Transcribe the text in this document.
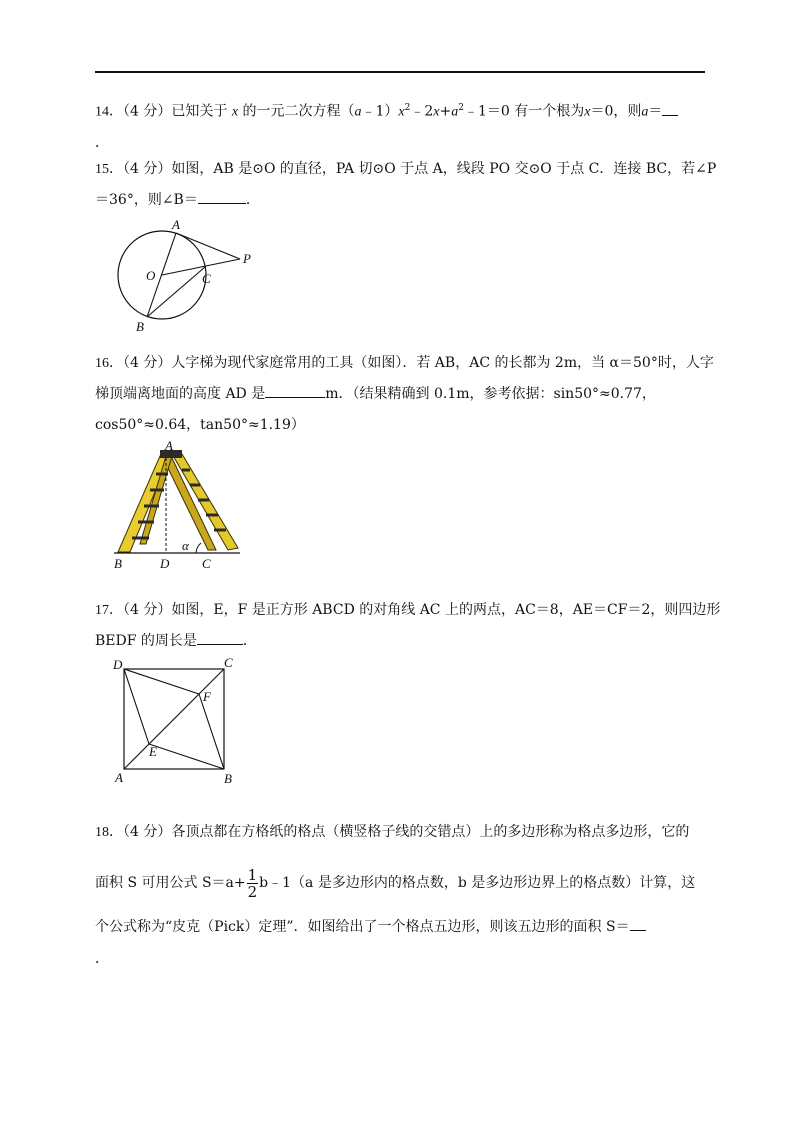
14．（4 分）已知关于 x 的一元二次方程$(a﹣1)x^2﹣2x+a^2﹣1=0$ 有一个根为x＝0，则a＝
．
15．（4 分）如图，AB 是⊙O 的直径，PA 切⊙O 于点 A，线段 PO 交⊙O 于点 C．连接 BC，若∠P
＝36°，则∠B＝	．
A
O	C
P
B
16．（4 分）人字梯为现代家庭常用的工具（如图）．若 AB，AC 的长都为 2m，当 α＝50°时，人字
梯顶端离地面的高度 AD 是	m．（结果精确到 0.1m，参考依据：sin50°≈0.77，
cos50°≈0.64，tan50°≈1.19）
A
B	D	C
α
17．（4 分）如图，E，F 是正方形 ABCD 的对角线 AC 上的两点，AC＝8，AE＝CF＝2，则四边形
BEDF 的周长是	．
D	C
F
E
A	B
18．（4 分）各顶点都在方格纸的格点（横竖格子线的交错点）上的多边形称为格点多边形，它的
面积 S 可用公式 $S=a+ \frac{1}{2}$ b﹣1（a 是多边形内的格点数，b 是多边形边界上的格点数）计算，这
个公式称为“皮克（Pick）定理”．如图给出了一个格点五边形，则该五边形的面积 S＝
．
